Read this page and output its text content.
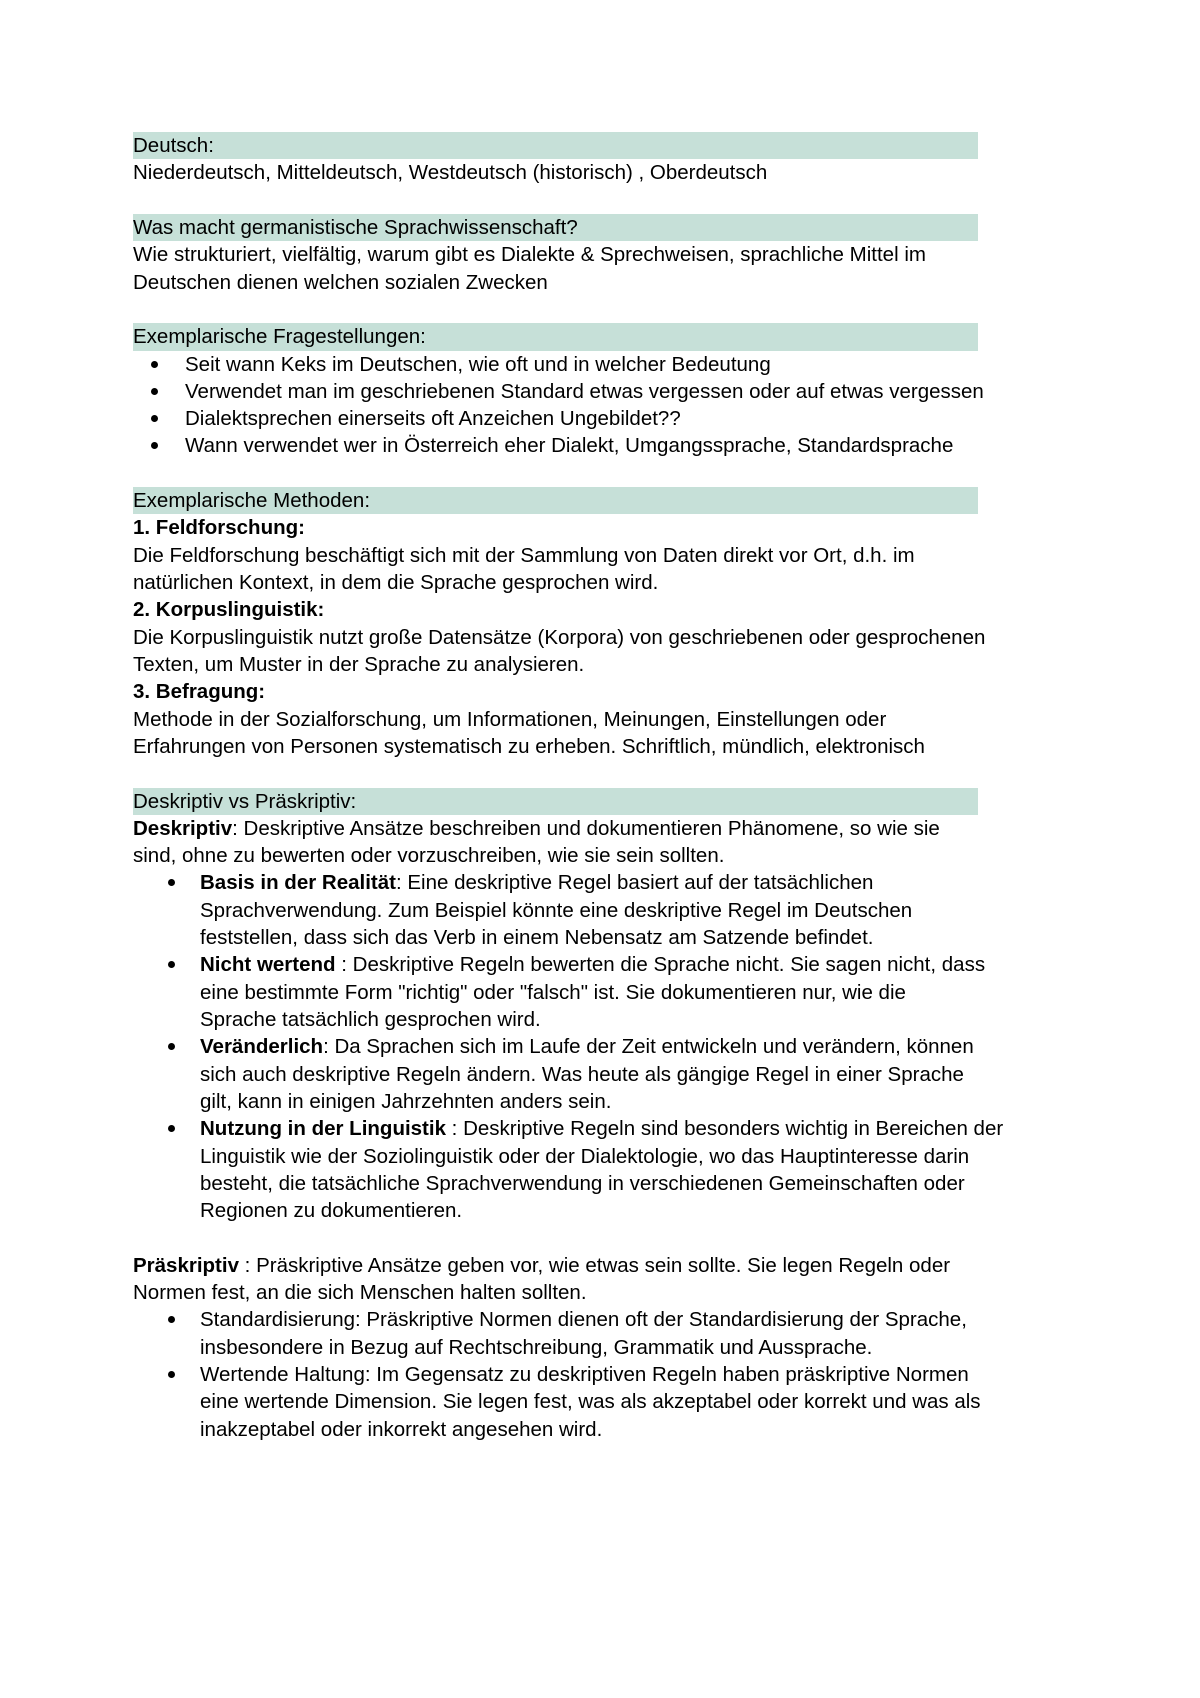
Deutsch:
Niederdeutsch, Mitteldeutsch, Westdeutsch (historisch) , Oberdeutsch
Was macht germanistische Sprachwissenschaft?
Wie strukturiert, vielfältig, warum gibt es Dialekte & Sprechweisen, sprachliche Mittel im
Deutschen dienen welchen sozialen Zwecken
Exemplarische Fragestellungen:
Seit wann Keks im Deutschen, wie oft und in welcher Bedeutung
Verwendet man im geschriebenen Standard etwas vergessen oder auf etwas vergessen
Dialektsprechen einerseits oft Anzeichen Ungebildet??
Wann verwendet wer in Österreich eher Dialekt, Umgangssprache, Standardsprache
Exemplarische Methoden:
1. Feldforschung:
Die Feldforschung beschäftigt sich mit der Sammlung von Daten direkt vor Ort, d.h. im
natürlichen Kontext, in dem die Sprache gesprochen wird.
2. Korpuslinguistik:
Die Korpuslinguistik nutzt große Datensätze (Korpora) von geschriebenen oder gesprochenen
Texten, um Muster in der Sprache zu analysieren.
3. Befragung:
Methode in der Sozialforschung, um Informationen, Meinungen, Einstellungen oder
Erfahrungen von Personen systematisch zu erheben. Schriftlich, mündlich, elektronisch
Deskriptiv vs Präskriptiv:
Deskriptiv: Deskriptive Ansätze beschreiben und dokumentieren Phänomene, so wie sie
sind, ohne zu bewerten oder vorzuschreiben, wie sie sein sollten.
Basis in der Realität: Eine deskriptive Regel basiert auf der tatsächlichen
Sprachverwendung. Zum Beispiel könnte eine deskriptive Regel im Deutschen
feststellen, dass sich das Verb in einem Nebensatz am Satzende befindet.
Nicht wertend : Deskriptive Regeln bewerten die Sprache nicht. Sie sagen nicht, dass
eine bestimmte Form "richtig" oder "falsch" ist. Sie dokumentieren nur, wie die
Sprache tatsächlich gesprochen wird.
Veränderlich: Da Sprachen sich im Laufe der Zeit entwickeln und verändern, können
sich auch deskriptive Regeln ändern. Was heute als gängige Regel in einer Sprache
gilt, kann in einigen Jahrzehnten anders sein.
Nutzung in der Linguistik : Deskriptive Regeln sind besonders wichtig in Bereichen der
Linguistik wie der Soziolinguistik oder der Dialektologie, wo das Hauptinteresse darin
besteht, die tatsächliche Sprachverwendung in verschiedenen Gemeinschaften oder
Regionen zu dokumentieren.
Präskriptiv : Präskriptive Ansätze geben vor, wie etwas sein sollte. Sie legen Regeln oder
Normen fest, an die sich Menschen halten sollten.
Standardisierung: Präskriptive Normen dienen oft der Standardisierung der Sprache,
insbesondere in Bezug auf Rechtschreibung, Grammatik und Aussprache.
Wertende Haltung: Im Gegensatz zu deskriptiven Regeln haben präskriptive Normen
eine wertende Dimension. Sie legen fest, was als akzeptabel oder korrekt und was als
inakzeptabel oder inkorrekt angesehen wird.
